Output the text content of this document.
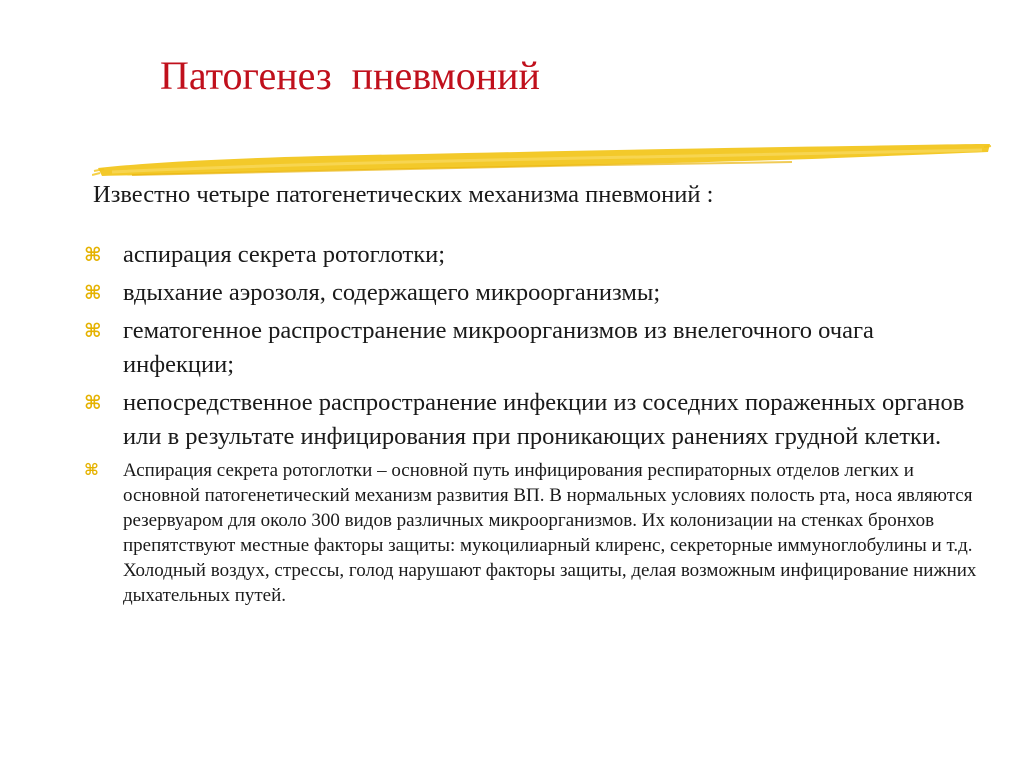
Патогенез  пневмоний
Известно четыре патогенетических механизма пневмоний :
⌘ аспирация секрета ротоглотки;
⌘ вдыхание аэрозоля, содержащего микроорганизмы;
⌘ гематогенное распространение микроорганизмов из внелегочного очага инфекции;
⌘ непосредственное распространение инфекции из соседних пораженных органов или в результате инфицирования при проникающих ранениях грудной клетки.
⌘ Аспирация секрета ротоглотки – основной путь инфицирования респираторных отделов легких и основной патогенетический механизм развития ВП. В нормальных условиях полость рта, носа являются резервуаром для около 300 видов различных микроорганизмов. Их колонизации на стенках бронхов препятствуют местные факторы защиты: мукоцилиарный клиренс, секреторные иммуноглобулины и т.д. Холодный воздух, стрессы, голод нарушают факторы защиты, делая возможным инфицирование нижних дыхательных путей.
